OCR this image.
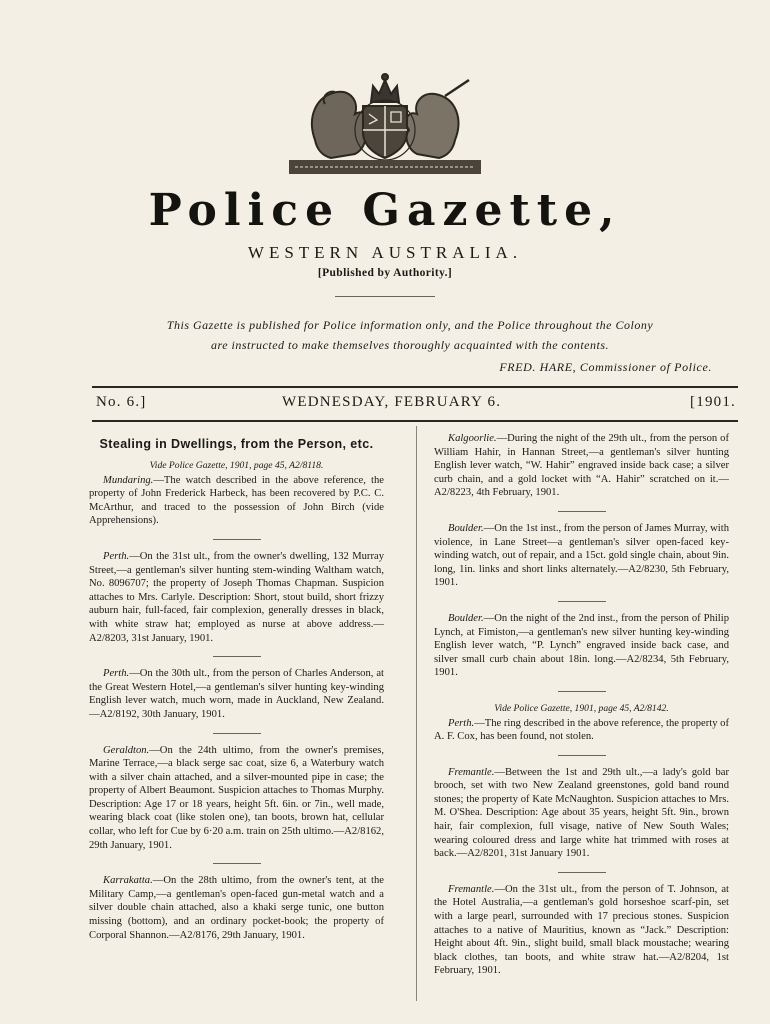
Police Gazette,
WESTERN AUSTRALIA.
[Published by Authority.]
This Gazette is published for Police information only, and the Police throughout the Colony
are instructed to make themselves thoroughly acquainted with the contents.
FRED. HARE, Commissioner of Police.
No. 6.]	WEDNESDAY, FEBRUARY 6.	[1901.
Stealing in Dwellings, from the Person, etc.
Vide Police Gazette, 1901, page 45, A2/8118.

Mundaring.—The watch described in the above reference, the property of John Frederick Harbeck, has been recovered by P.C. C. McArthur, and traced to the possession of John Birch (vide Apprehensions).

Perth.—On the 31st ult., from the owner's dwelling, 132 Murray Street,—a gentleman's silver hunting stem-winding Waltham watch, No. 8096707; the property of Joseph Thomas Chapman. Suspicion attaches to Mrs. Carlyle. Description: Short, stout build, short frizzy auburn hair, full-faced, fair complexion, generally dresses in black, with white straw hat; employed as nurse at above address.—A2/8203, 31st January, 1901.

Perth.—On the 30th ult., from the person of Charles Anderson, at the Great Western Hotel,—a gentleman's silver hunting key-winding English lever watch, much worn, made in Auckland, New Zealand.—A2/8192, 30th January, 1901.

Geraldton.—On the 24th ultimo, from the owner's premises, Marine Terrace,—a black serge sac coat, size 6, a Waterbury watch with a silver chain attached, and a silver-mounted pipe in case; the property of Albert Beaumont. Suspicion attaches to Thomas Murphy. Description: Age 17 or 18 years, height 5ft. 6in. or 7in., well made, wearing black coat (like stolen one), tan boots, brown hat, cellular collar, who left for Cue by 6·20 a.m. train on 25th ultimo.—A2/8162, 29th January, 1901.

Karrakatta.—On the 28th ultimo, from the owner's tent, at the Military Camp,—a gentleman's open-faced gun-metal watch and a silver double chain attached, also a khaki serge tunic, one button missing (bottom), and an ordinary pocket-book; the property of Corporal Shannon.—A2/8176, 29th January, 1901.

Kalgoorlie.—During the night of the 29th ult., from the person of William Hahir, in Hannan Street,—a gentleman's silver hunting English lever watch, “W. Hahir” engraved inside back case; a silver curb chain, and a gold locket with “A. Hahir” scratched on it.—A2/8223, 4th February, 1901.

Boulder.—On the 1st inst., from the person of James Murray, with violence, in Lane Street—a gentleman's silver open-faced key-winding watch, out of repair, and a 15ct. gold single chain, about 9in. long, 1in. links and short links alternately.—A2/8230, 5th February, 1901.

Boulder.—On the night of the 2nd inst., from the person of Philip Lynch, at Fimiston,—a gentleman's new silver hunting key-winding English lever watch, “P. Lynch” engraved inside back case, and silver small curb chain about 18in. long.—A2/8234, 5th February, 1901.

Vide Police Gazette, 1901, page 45, A2/8142.

Perth.—The ring described in the above reference, the property of A. F. Cox, has been found, not stolen.

Fremantle.—Between the 1st and 29th ult.,—a lady's gold bar brooch, set with two New Zealand greenstones, gold band round stones; the property of Kate McNaughton. Suspicion attaches to Mrs. M. O'Shea. Description: Age about 35 years, height 5ft. 9in., brown hair, fair complexion, full visage, native of New South Wales; wearing coloured dress and large white hat trimmed with roses at back.—A2/8201, 31st January 1901.

Fremantle.—On the 31st ult., from the person of T. Johnson, at the Hotel Australia,—a gentleman's gold horseshoe scarf-pin, set with a large pearl, surrounded with 17 precious stones. Suspicion attaches to a native of Mauritius, known as “Jack.” Description: Height about 4ft. 9in., slight build, small black moustache; wearing black clothes, tan boots, and white straw hat.—A2/8204, 1st February, 1901.
